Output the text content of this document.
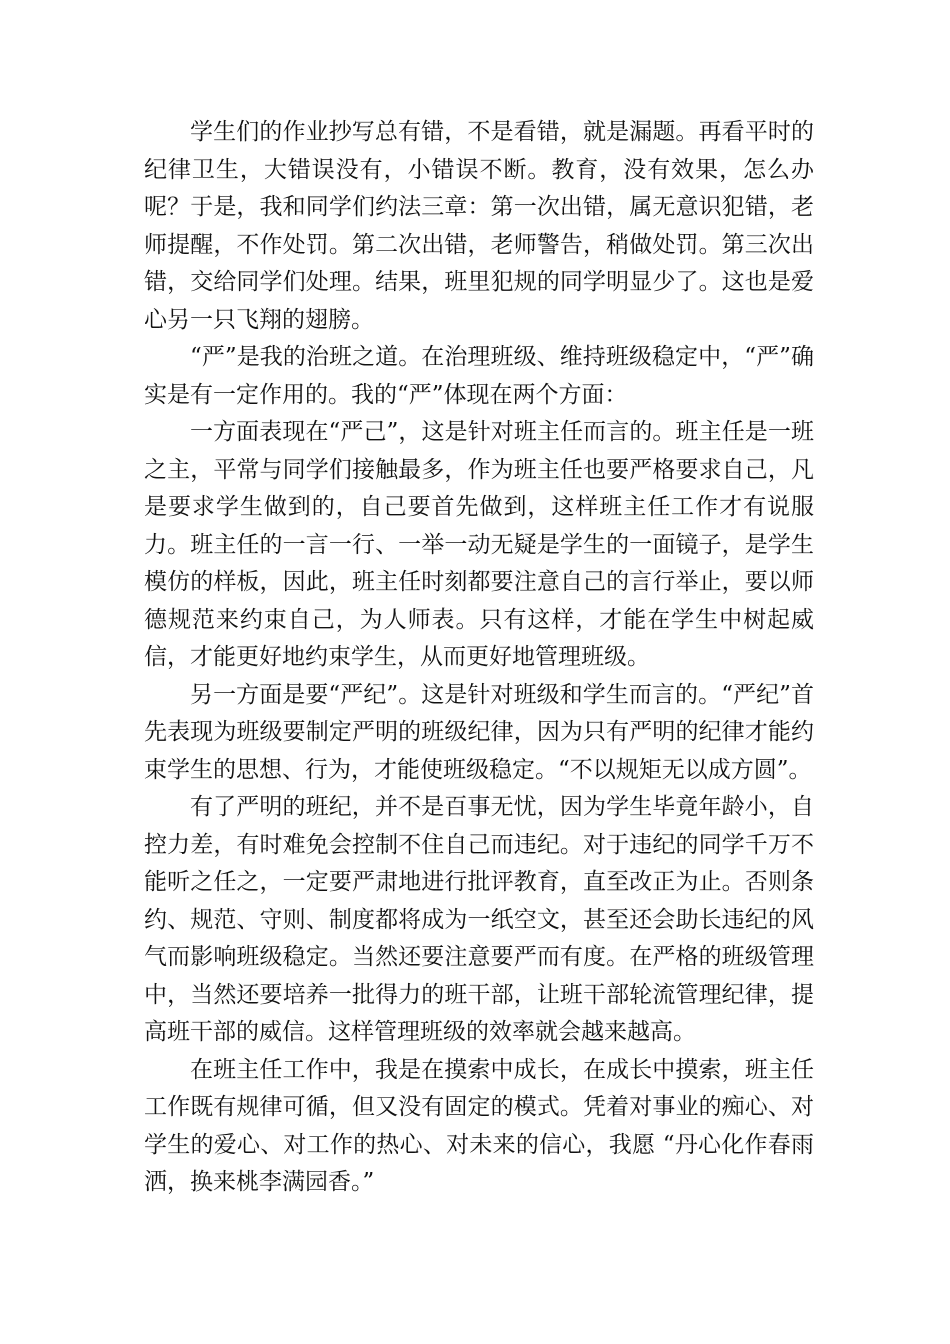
学生们的作业抄写总有错，不是看错，就是漏题。再看平时的纪律卫生，大错误没有，小错误不断。教育，没有效果，怎么办呢？于是，我和同学们约法三章：第一次出错，属无意识犯错，老师提醒，不作处罚。第二次出错，老师警告，稍做处罚。第三次出错，交给同学们处理。结果，班里犯规的同学明显少了。这也是爱心另一只飞翔的翅膀。

“严”是我的治班之道。在治理班级、维持班级稳定中，“严”确实是有一定作用的。我的“严”体现在两个方面：

一方面表现在“严己”，这是针对班主任而言的。班主任是一班之主，平常与同学们接触最多，作为班主任也要严格要求自己，凡是要求学生做到的，自己要首先做到，这样班主任工作才有说服力。班主任的一言一行、一举一动无疑是学生的一面镜子，是学生模仿的样板，因此，班主任时刻都要注意自己的言行举止，要以师德规范来约束自己，为人师表。只有这样，才能在学生中树起威信，才能更好地约束学生，从而更好地管理班级。

另一方面是要“严纪”。这是针对班级和学生而言的。“严纪”首先表现为班级要制定严明的班级纪律，因为只有严明的纪律才能约束学生的思想、行为，才能使班级稳定。“不以规矩无以成方圆”。

有了严明的班纪，并不是百事无忧，因为学生毕竟年龄小，自控力差，有时难免会控制不住自己而违纪。对于违纪的同学千万不能听之任之，一定要严肃地进行批评教育，直至改正为止。否则条约、规范、守则、制度都将成为一纸空文，甚至还会助长违纪的风气而影响班级稳定。当然还要注意要严而有度。在严格的班级管理中，当然还要培养一批得力的班干部，让班干部轮流管理纪律，提高班干部的威信。这样管理班级的效率就会越来越高。

在班主任工作中，我是在摸索中成长，在成长中摸索，班主任工作既有规律可循，但又没有固定的模式。凭着对事业的痴心、对学生的爱心、对工作的热心、对未来的信心，我愿 “丹心化作春雨洒，换来桃李满园香。”
